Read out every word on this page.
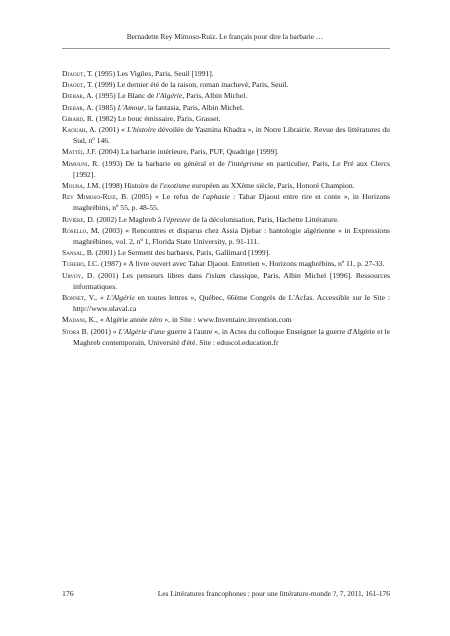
Bernadette Rey Mimoso-Ruiz. Le français pour dire la barbarie …
Djaout, T. (1995) Les Vigiles, Paris, Seuil [1991].
Djaout, T. (1999) Le dernier été de la raison, roman inachevé, Paris, Seuil.
Djebar, A. (1995) Le Blanc de l'Algérie, Paris, Albin Michel.
Djebar, A. (1985) L'Amour, la fantasia, Paris, Albin Michel.
Girard, R. (1982) Le bouc émissaire, Paris, Grasset.
Kaouah, A. (2001) « L'histoire dévoilée de Yasmina Khadra », in Notre Librairie. Revue des littératures du Sud, nº 146.
Mattéi, J.F. (2004) La barbarie intérieure, Paris, PUF, Quadrige [1999].
Mimouni, R. (1993) De la barbarie en général et de l'intégrisme en particulier, Paris, Le Pré aux Clercs [1992].
Moura, J.M. (1998) Histoire de l'exotisme européen au XXème siècle, Paris, Honoré Champion.
Rey Mimoso-Ruiz, B. (2005) « Le refus de l'aphasie : Tahar Djaout entre rire et conte », in Horizons maghrébins, nº 55, p. 48-55.
Rivière, D. (2002) Le Maghreb à l'épreuve de la décolonisation, Paris, Hachette Littérature.
Rosello, M. (2003) « Rencontres et disparus chez Assia Djebar : hantologie algérienne » in Expressions maghrébines, vol. 2, nº 1, Florida State University, p. 91-111.
Sansal, B. (2001) Le Serment des barbares, Paris, Gallimard [1999].
Tcheho, I.C. (1987) « A livre ouvert avec Tahar Djaout. Entretien », Horizons maghrébins, nº 11, p. 27-33.
Urvoy, D. (2001) Les penseurs libres dans l'islam classique, Paris, Albin Michel [1996]. Ressources informatiques.
Bonnet, V., « L'Algérie en toutes lettres », Québec, 66ème Congrès de L'Acfas. Accessible sur le Site : http://www.ulaval.ca
Madani, K., « Algérie année zéro », in Site : www.Inventaire.invention.com
Stora B. (2001) « L'Algérie d'une guerre à l'autre », in Actes du colloque Enseigner la guerre d'Algérie et le Maghreb contemporain, Université d'été. Site : eduscol.education.fr
176	Les Littératures francophones : pour une littérature-monde ?, 7, 2011, 161-176
